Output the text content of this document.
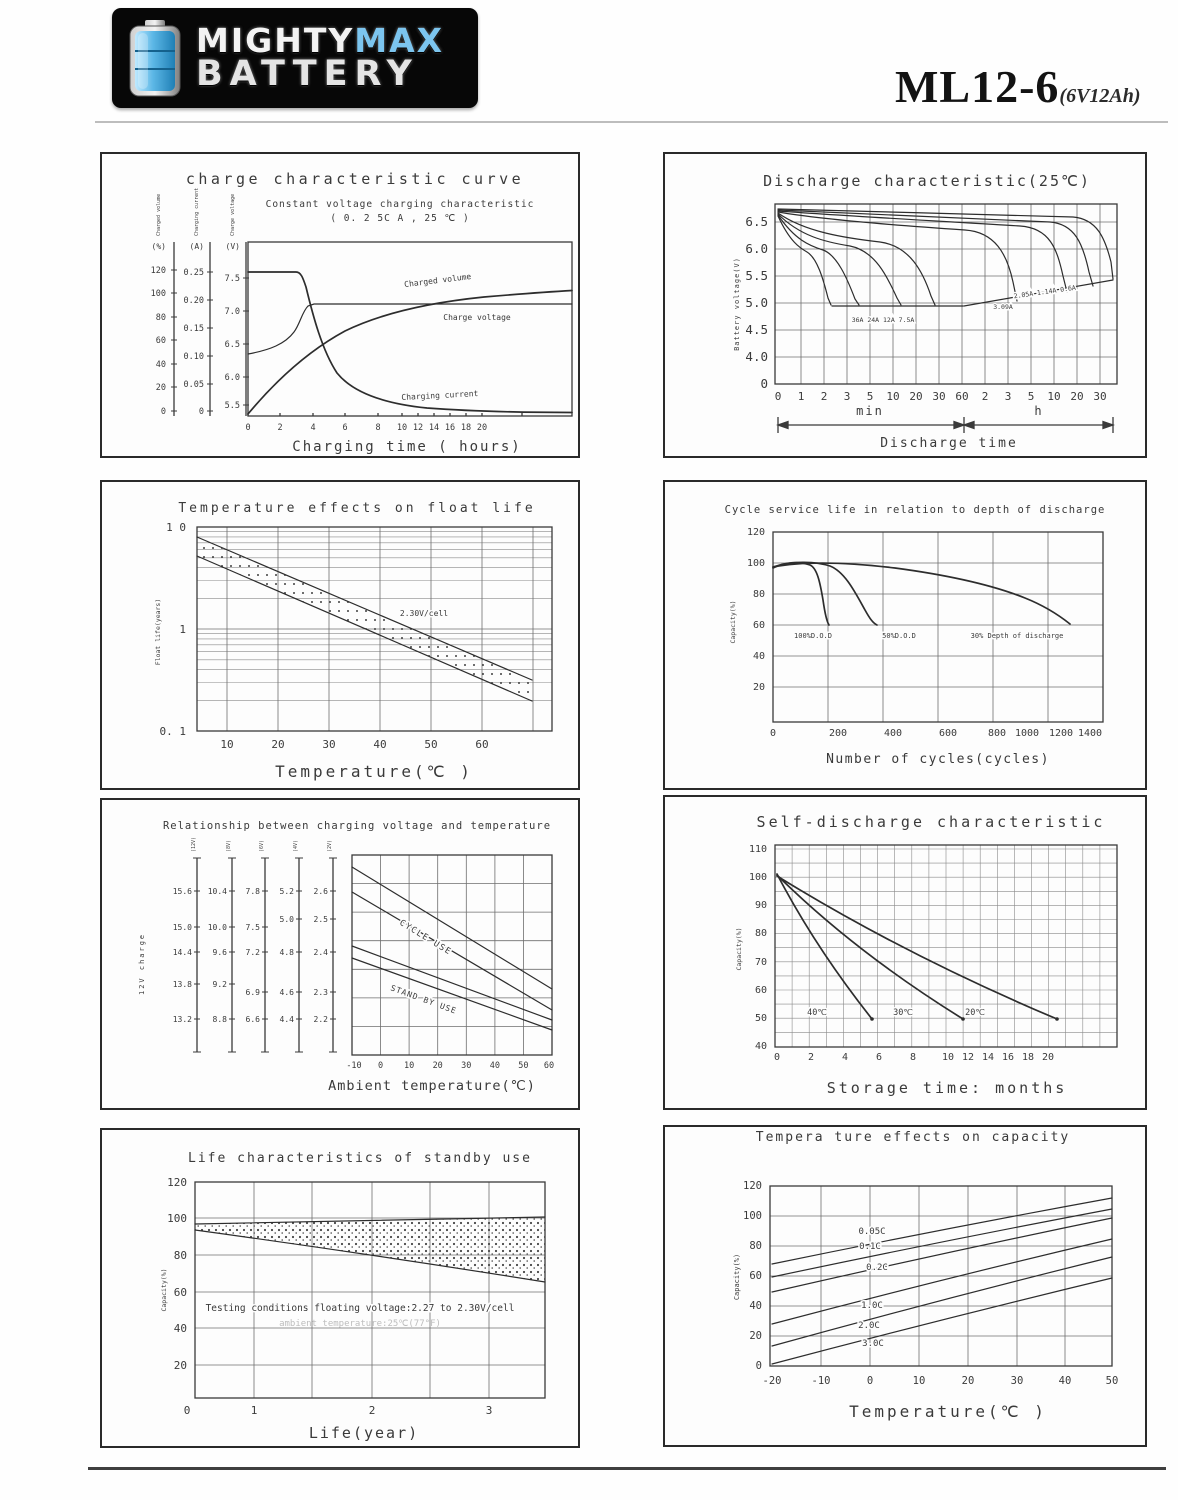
MIGHTYMAX
BATTERY	ML12-6 (6V12Ah)
charge characteristic curve
Constant voltage charging characteristic
( 0. 2 5C A , 25 ℃ )
Charged volume	Charging current	Charge voltage
(%)	(A)	(V)
120
100
80
60
40
20
0
0.25
0.20
0.15
0.10
0.05
0
7.5
7.0
6.5
6.0
5.5
Charged volume
Charge voltage
Charging current
0	2	4	6	8 10 12 14 16 18 20
Charging time ( hours)
Discharge characteristic(25℃)
6.5
6.0
5.5
5.0
4.5
4.0
0
Battery voltage(V)	36A 24A 12A 7.5A
3.09A
2.05A 1.14A 0.6A
0 1 2 3 5 10 20 30 60 2 3 5 10 20 30
min	h
Discharge time
Temperature effects on float life
2.30V/cell
1 0
1
0. 1
Float life(years)
10	20	30	40	50	60
Temperature(℃ )
Cycle service life in relation to depth of discharge
100%D.O.D	50%D.O.D	30% Depth of discharge
120
100
80
60
40
20
Capacity(%)
0	200	400	600	800 1000 1200 1400
Number of cycles(cycles)
Relationship between charging voltage and temperature
12V charge
(12V)	(8V)	(6V)	(4V)	(2V)
15.6
15.0
14.4
13.8
13.2
10.4
10.0
9.6
9.2
8.8
7.8
7.5
7.2
6.9
6.6
5.2
5.0
4.8
4.6
4.4
2.6
2.5
2.4
2.3
2.2
CYCLE USE
STAND BY USE
-10 0 10 20 30 40 50 60
Ambient temperature(℃)
Self-discharge characteristic
40℃	30℃	20℃
110
100
90
80
70
60
50
40
Capacity(%)
0	2	4	6	8	10 12 14 16 18 20
Storage time: months
Life characteristics of standby use
Testing conditions floating voltage:2.27 to 2.30V/cell
ambient temperature:25℃(77°F)
120
100
80
60
40
20
Capacity(%)
0	1	2	3
Life(year)
Tempera ture effects on capacity
0.05C
0.1C
0.2C
1.0C
2.0C
3.0C
120
100
80
60
40
20
0
Capacity(%)
-20	-10	0	10	20	30	40	50
Temperature(℃ )
